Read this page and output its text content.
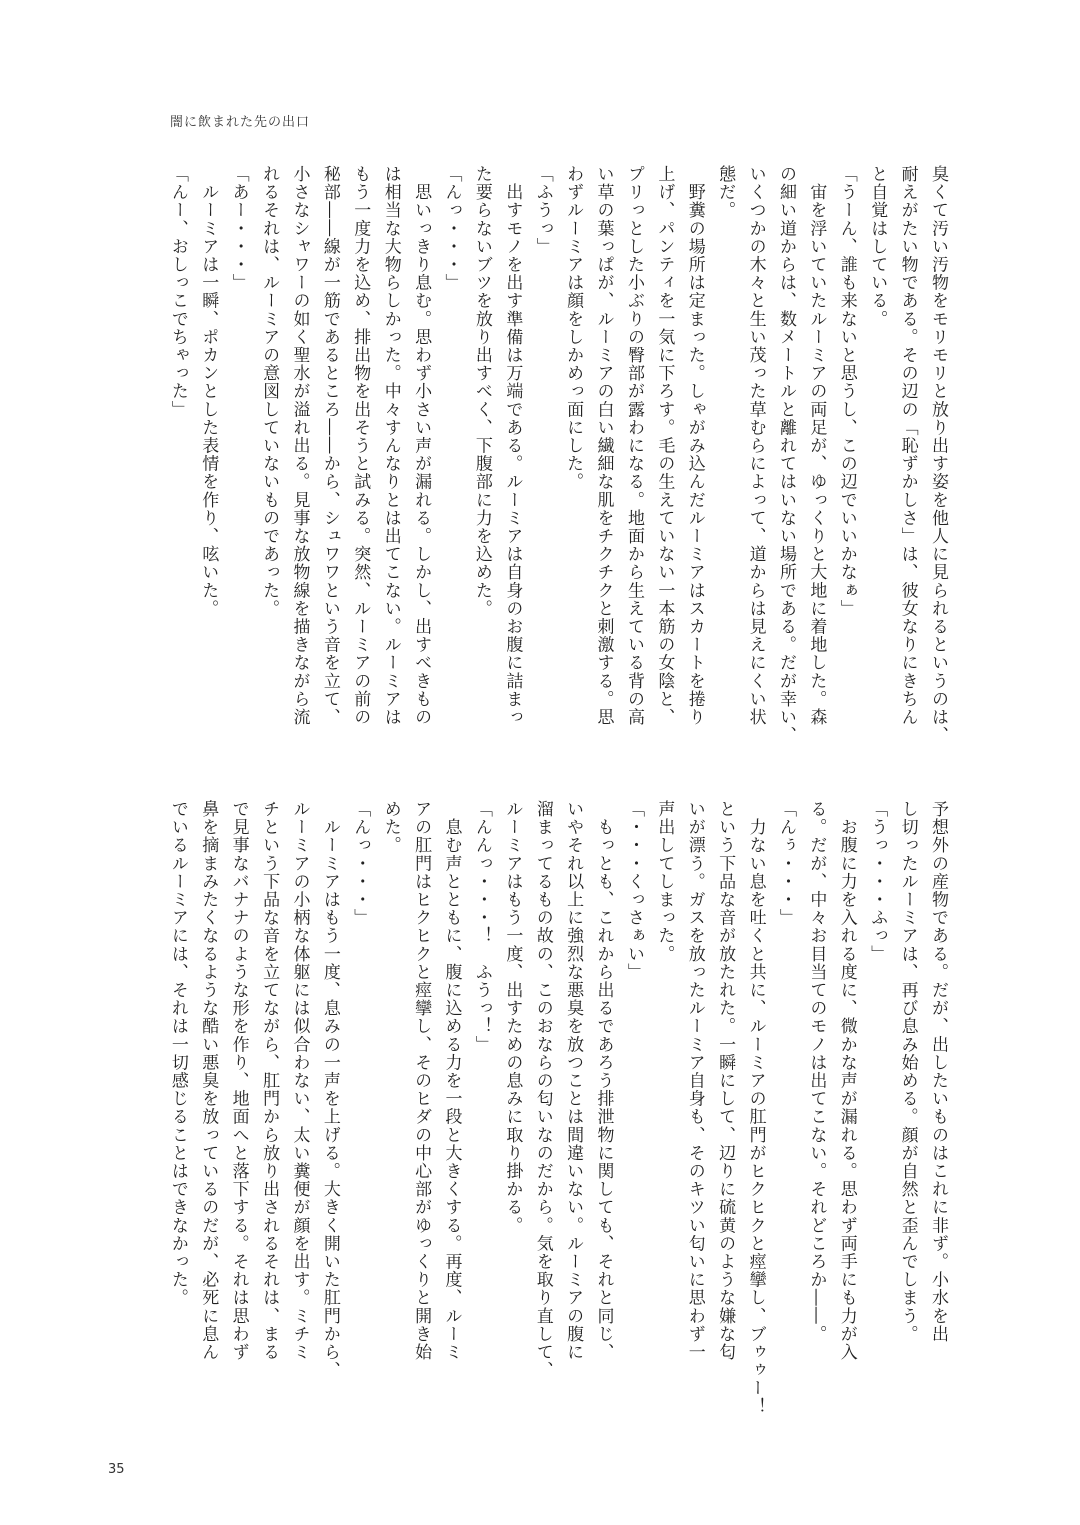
闇に飲まれた先の出口
臭くて汚い汚物をモリモリと放り出す姿を他人に見られるというのは、
耐えがたい物である。その辺の「恥ずかしさ」は、彼女なりにきちん
と自覚はしている。
「うーん、誰も来ないと思うし、この辺でいいかなぁ」
　宙を浮いていたルーミアの両足が、ゆっくりと大地に着地した。森
の細い道からは、数メートルと離れてはいない場所である。だが幸い、
いくつかの木々と生い茂った草むらによって、道からは見えにくい状
態だ。
　野糞の場所は定まった。しゃがみ込んだルーミアはスカートを捲り
上げ、パンティを一気に下ろす。毛の生えていない一本筋の女陰と、
プリっとした小ぶりの臀部が露わになる。地面から生えている背の高
い草の葉っぱが、ルーミアの白い繊細な肌をチクチクと刺激する。思
わずルーミアは顔をしかめっ面にした。
「ふうっ」
　出すモノを出す準備は万端である。ルーミアは自身のお腹に詰まっ
た要らないブツを放り出すべく、下腹部に力を込めた。
「んっ・・・」
　思いっきり息む。思わず小さい声が漏れる。しかし、出すべきもの
は相当な大物らしかった。中々すんなりとは出てこない。ルーミアは
もう一度力を込め、排出物を出そうと試みる。突然、ルーミアの前の
秘部――線が一筋であるところ――から、シュワワという音を立て、
小さなシャワーの如く聖水が溢れ出る。見事な放物線を描きながら流
れるそれは、ルーミアの意図していないものであった。
「あー・・・」
　ルーミアは一瞬、ポカンとした表情を作り、呟いた。
「んー、おしっこでちゃった」
予想外の産物である。だが、出したいものはこれに非ず。小水を出
し切ったルーミアは、再び息み始める。顔が自然と歪んでしまう。
「うっ・・・ふっ」
　お腹に力を入れる度に、微かな声が漏れる。思わず両手にも力が入
る。だが、中々お目当てのモノは出てこない。それどころか――。
「んぅ・・・」
　力ない息を吐くと共に、ルーミアの肛門がヒクヒクと痙攣し、ブゥゥー！
という下品な音が放たれた。一瞬にして、辺りに硫黄のような嫌な匂
いが漂う。ガスを放ったルーミア自身も、そのキツい匂いに思わず一
声出してしまった。
「・・・くっさぁい」
　もっとも、これから出るであろう排泄物に関しても、それと同じ、
いやそれ以上に強烈な悪臭を放つことは間違いない。ルーミアの腹に
溜まってるもの故の、このおならの匂いなのだから。気を取り直して、
ルーミアはもう一度、出すための息みに取り掛かる。
「んんっ・・・！　ふうっ！」
　息む声とともに、腹に込める力を一段と大きくする。再度、ルーミ
アの肛門はヒクヒクと痙攣し、そのヒダの中心部がゆっくりと開き始
めた。
「んっ・・・」
　ルーミアはもう一度、息みの一声を上げる。大きく開いた肛門から、
ルーミアの小柄な体躯には似合わない、太い糞便が顔を出す。ミチミ
チという下品な音を立てながら、肛門から放り出されるそれは、まる
で見事なバナナのような形を作り、地面へと落下する。それは思わず
鼻を摘まみたくなるような酷い悪臭を放っているのだが、必死に息ん
でいるルーミアには、それは一切感じることはできなかった。
35
